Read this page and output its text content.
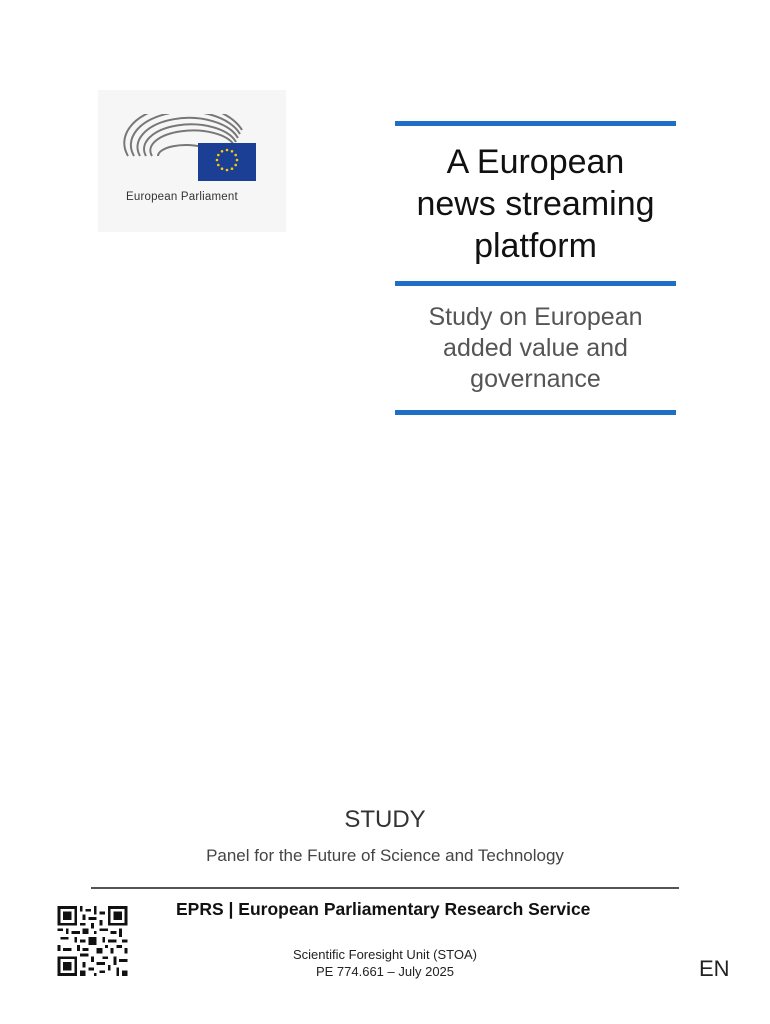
European Parliament
A European
news streaming
platform
Study on European
added value and
governance
STUDY
Panel for the Future of Science and Technology
EPRS | European Parliamentary Research Service
Scientific Foresight Unit (STOA)
PE 774.661 – July 2025	EN
